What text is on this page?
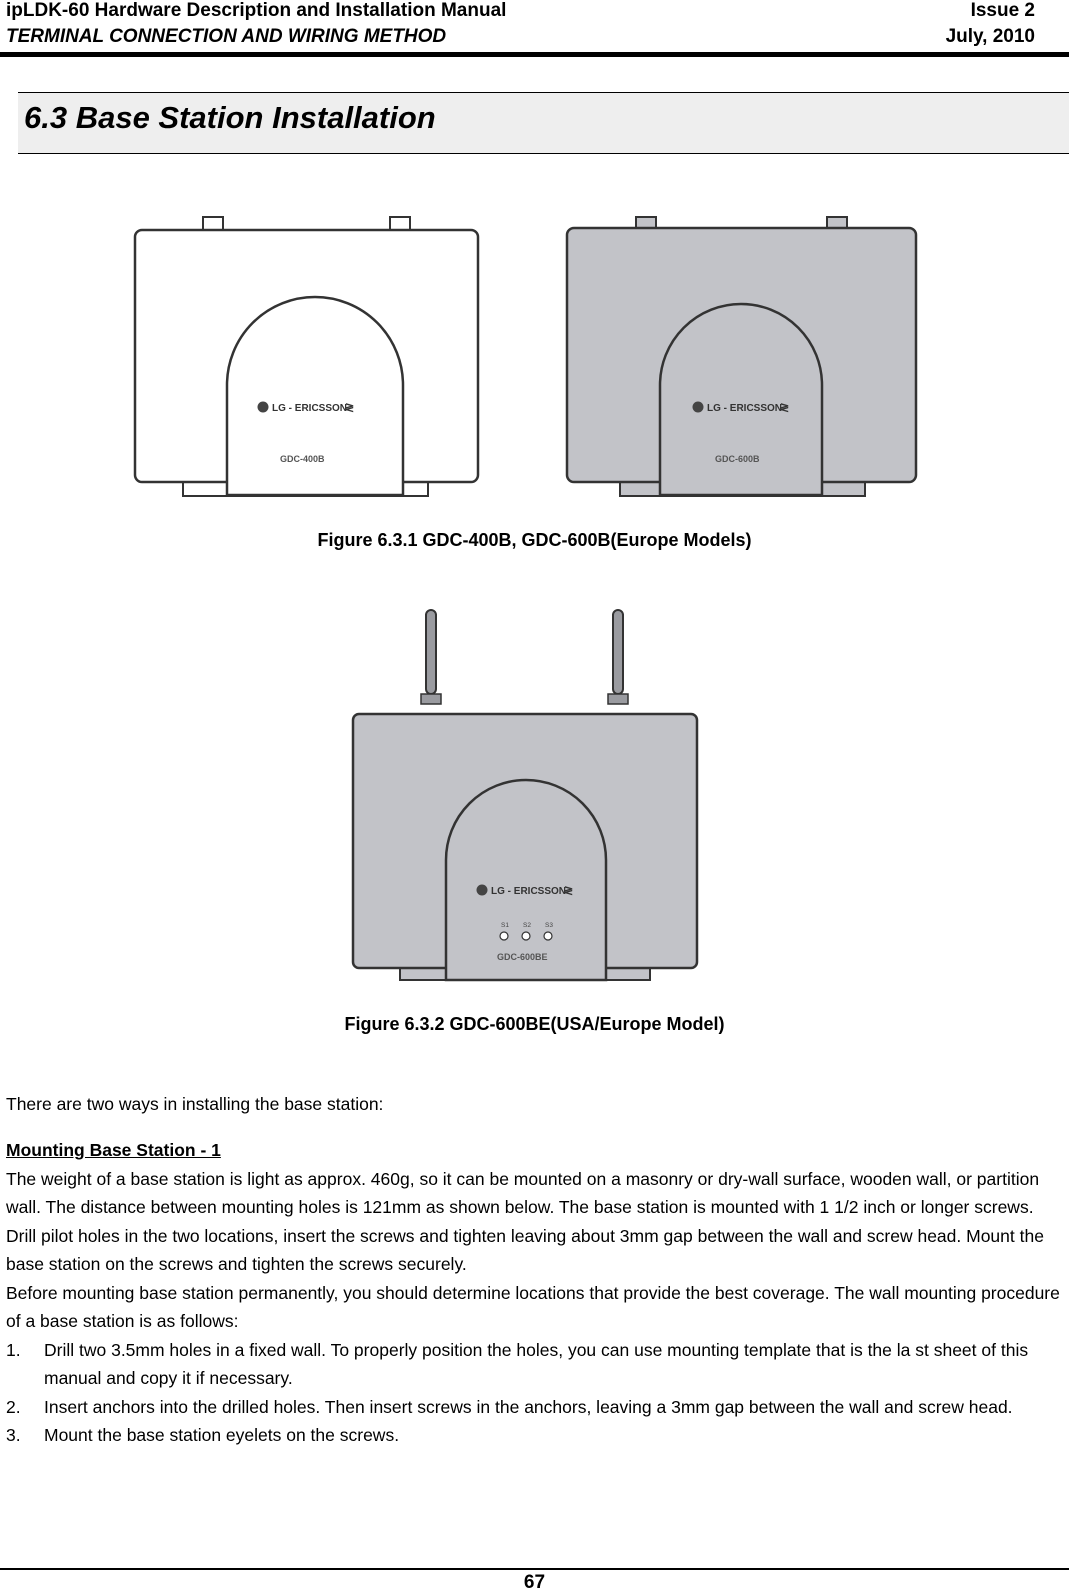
ipLDK-60 Hardware Description and Installation Manual	Issue 2
TERMINAL CONNECTION AND WIRING METHOD	July, 2010
6.3 Base Station Installation
LG - ERICSSON
≷
GDC-400B
LG - ERICSSON
≷
GDC-600B
Figure 6.3.1 GDC-400B, GDC-600B(Europe Models)
LG - ERICSSON
≷
S1 S2 S3
GDC-600BE
Figure 6.3.2 GDC-600BE(USA/Europe Model)
There are two ways in installing the base station:
Mounting Base Station - 1
The weight of a base station is light as approx. 460g, so it can be mounted on a masonry or dry-wall surface, wooden wall, or partition wall. The distance between mounting holes is 121mm as shown below. The base station is mounted with 1 1/2 inch or longer screws. Drill pilot holes in the two locations, insert the screws and tighten leaving about 3mm gap between the wall and screw head. Mount the base station on the screws and tighten the screws securely.
Before mounting base station permanently, you should determine locations that provide the best coverage. The wall mounting procedure of a base station is as follows:
1. Drill two 3.5mm holes in a fixed wall. To properly position the holes, you can use mounting template that is the la st sheet of this manual and copy it if necessary.
2. Insert anchors into the drilled holes. Then insert screws in the anchors, leaving a 3mm gap between the wall and screw head.
3. Mount the base station eyelets on the screws.
67
